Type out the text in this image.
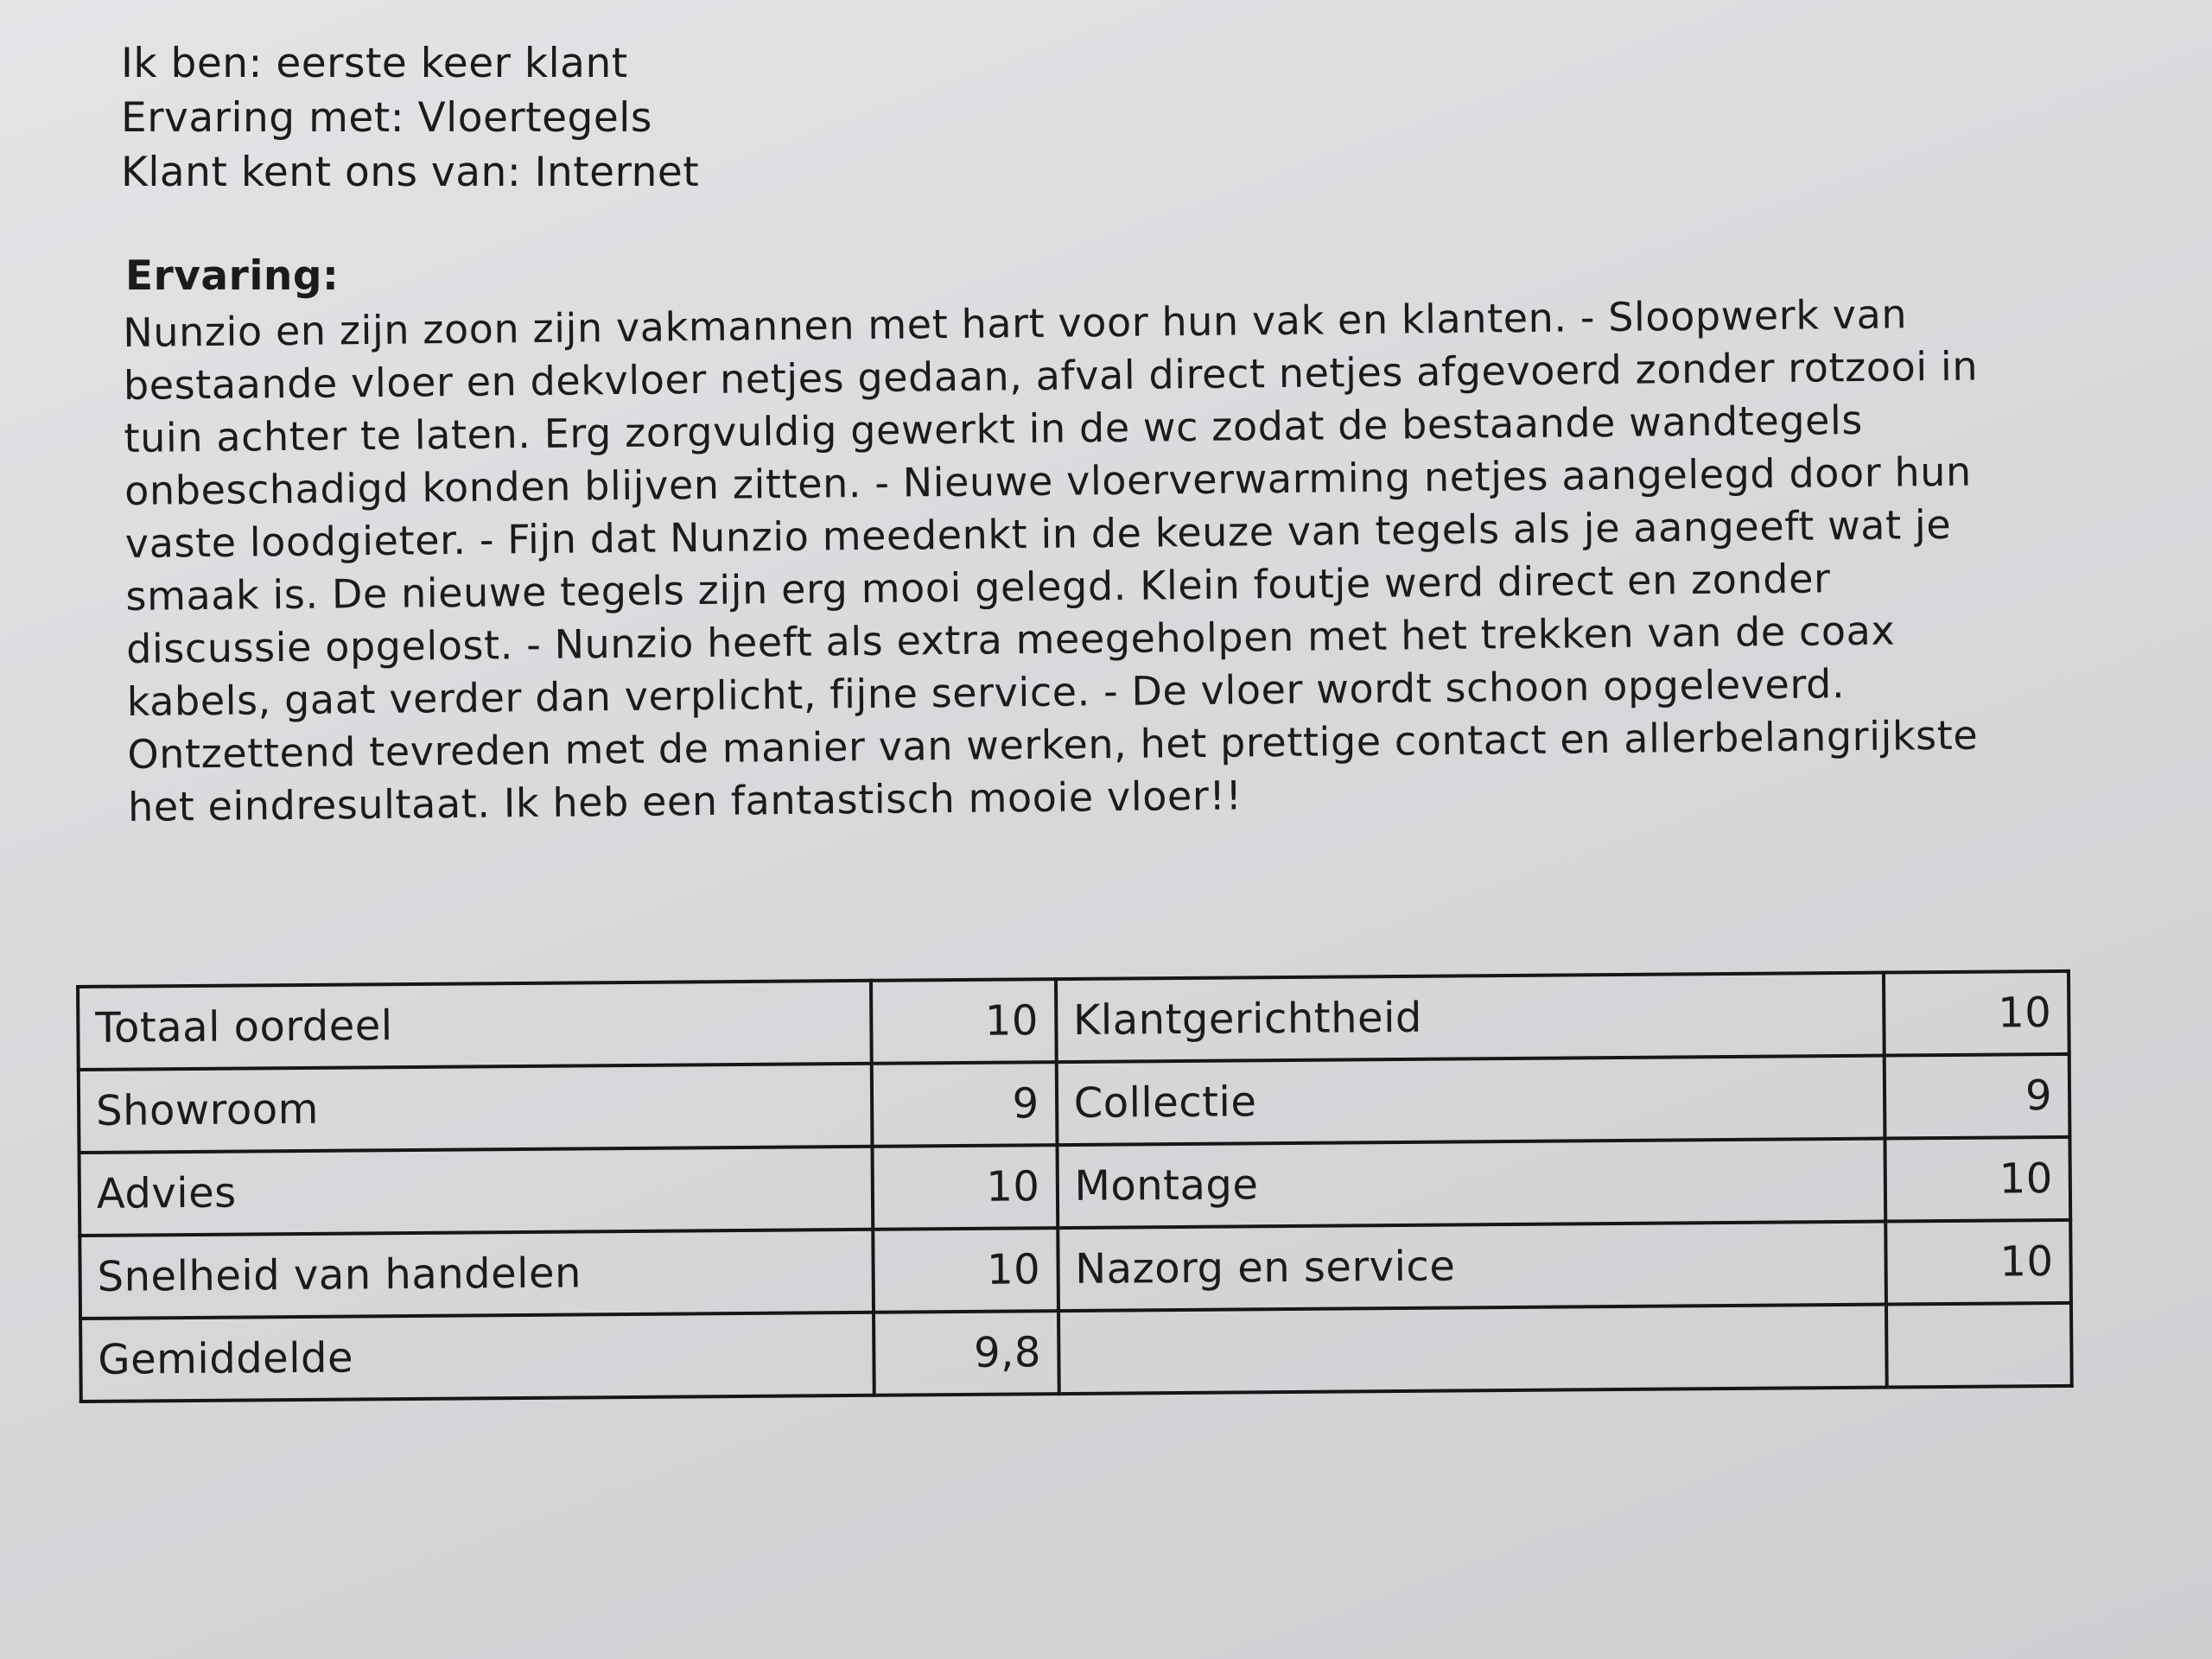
Ik ben: eerste keer klant
Ervaring met: Vloertegels
Klant kent ons van: Internet
Ervaring:
Nunzio en zijn zoon zijn vakmannen met hart voor hun vak en klanten. - Sloopwerk van bestaande vloer en dekvloer netjes gedaan, afval direct netjes afgevoerd zonder rotzooi in tuin achter te laten. Erg zorgvuldig gewerkt in de wc zodat de bestaande wandtegels onbeschadigd konden blijven zitten. - Nieuwe vloerverwarming netjes aangelegd door hun vaste loodgieter. - Fijn dat Nunzio meedenkt in de keuze van tegels als je aangeeft wat je smaak is. De nieuwe tegels zijn erg mooi gelegd. Klein foutje werd direct en zonder discussie opgelost. - Nunzio heeft als extra meegeholpen met het trekken van de coax kabels, gaat verder dan verplicht, fijne service. - De vloer wordt schoon opgeleverd. Ontzettend tevreden met de manier van werken, het prettige contact en allerbelangrijkste het eindresultaat. Ik heb een fantastisch mooie vloer!!
Totaal oordeel	10	Klantgerichtheid	10
Showroom	9	Collectie	9
Advies	10	Montage	10
Snelheid van handelen	10	Nazorg en service	10
Gemiddelde	9,8		
